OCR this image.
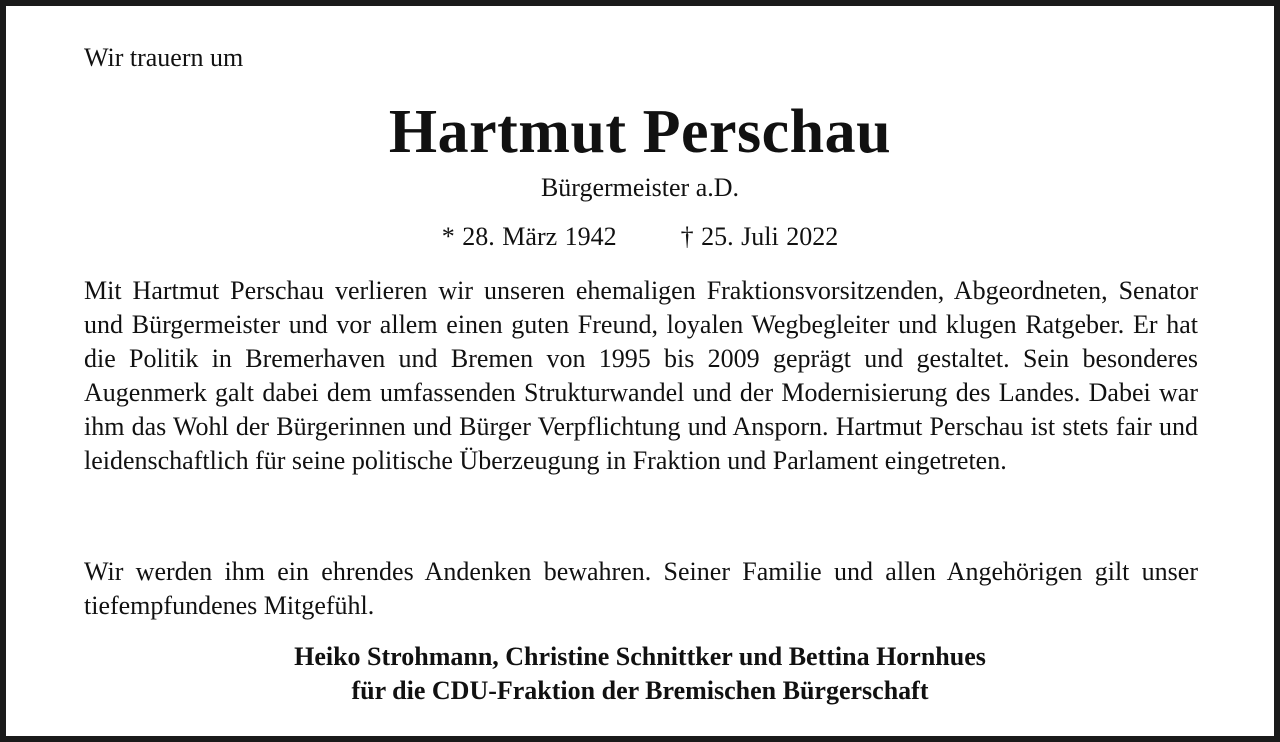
Wir trauern um

Hartmut Perschau

Bürgermeister a.D.

* 28. März 1942 † 25. Juli 2022

Mit Hartmut Perschau verlieren wir unseren ehemaligen Fraktionsvorsitzenden, Abgeordneten, Senator und Bürgermeister und vor allem einen guten Freund, loyalen Wegbegleiter und klugen Ratgeber. Er hat die Politik in Bremerhaven und Bremen von 1995 bis 2009 geprägt und gestaltet. Sein besonderes Augenmerk galt dabei dem umfassenden Strukturwandel und der Modernisierung des Landes. Dabei war ihm das Wohl der Bürgerinnen und Bürger Verpflichtung und Ansporn. Hartmut Perschau ist stets fair und leidenschaftlich für seine politische Überzeugung in Fraktion und Parlament eingetreten.

Wir werden ihm ein ehrendes Andenken bewahren. Seiner Familie und allen Angehörigen gilt unser tiefempfundenes Mitgefühl.

Heiko Strohmann, Christine Schnittker und Bettina Hornhues
für die CDU-Fraktion der Bremischen Bürgerschaft
